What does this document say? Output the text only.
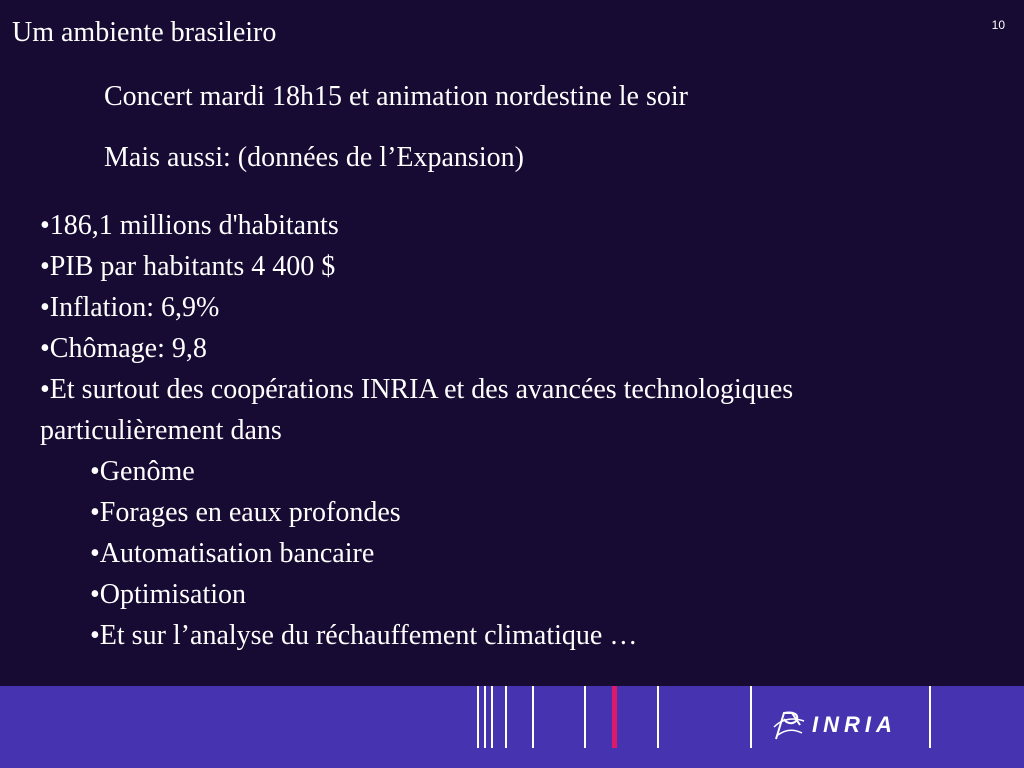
Um ambiente brasileiro	10
Concert mardi 18h15 et animation nordestine le soir
Mais aussi: (données de l’Expansion)
•186,1 millions d'habitants
•PIB par habitants 4 400 $
•Inflation: 6,9%
•Chômage: 9,8
•Et surtout des coopérations INRIA et des avancées technologiques
particulièrement dans
•Genôme
•Forages en eaux profondes
•Automatisation bancaire
•Optimisation
•Et sur l’analyse du réchauffement climatique …
INRIA
